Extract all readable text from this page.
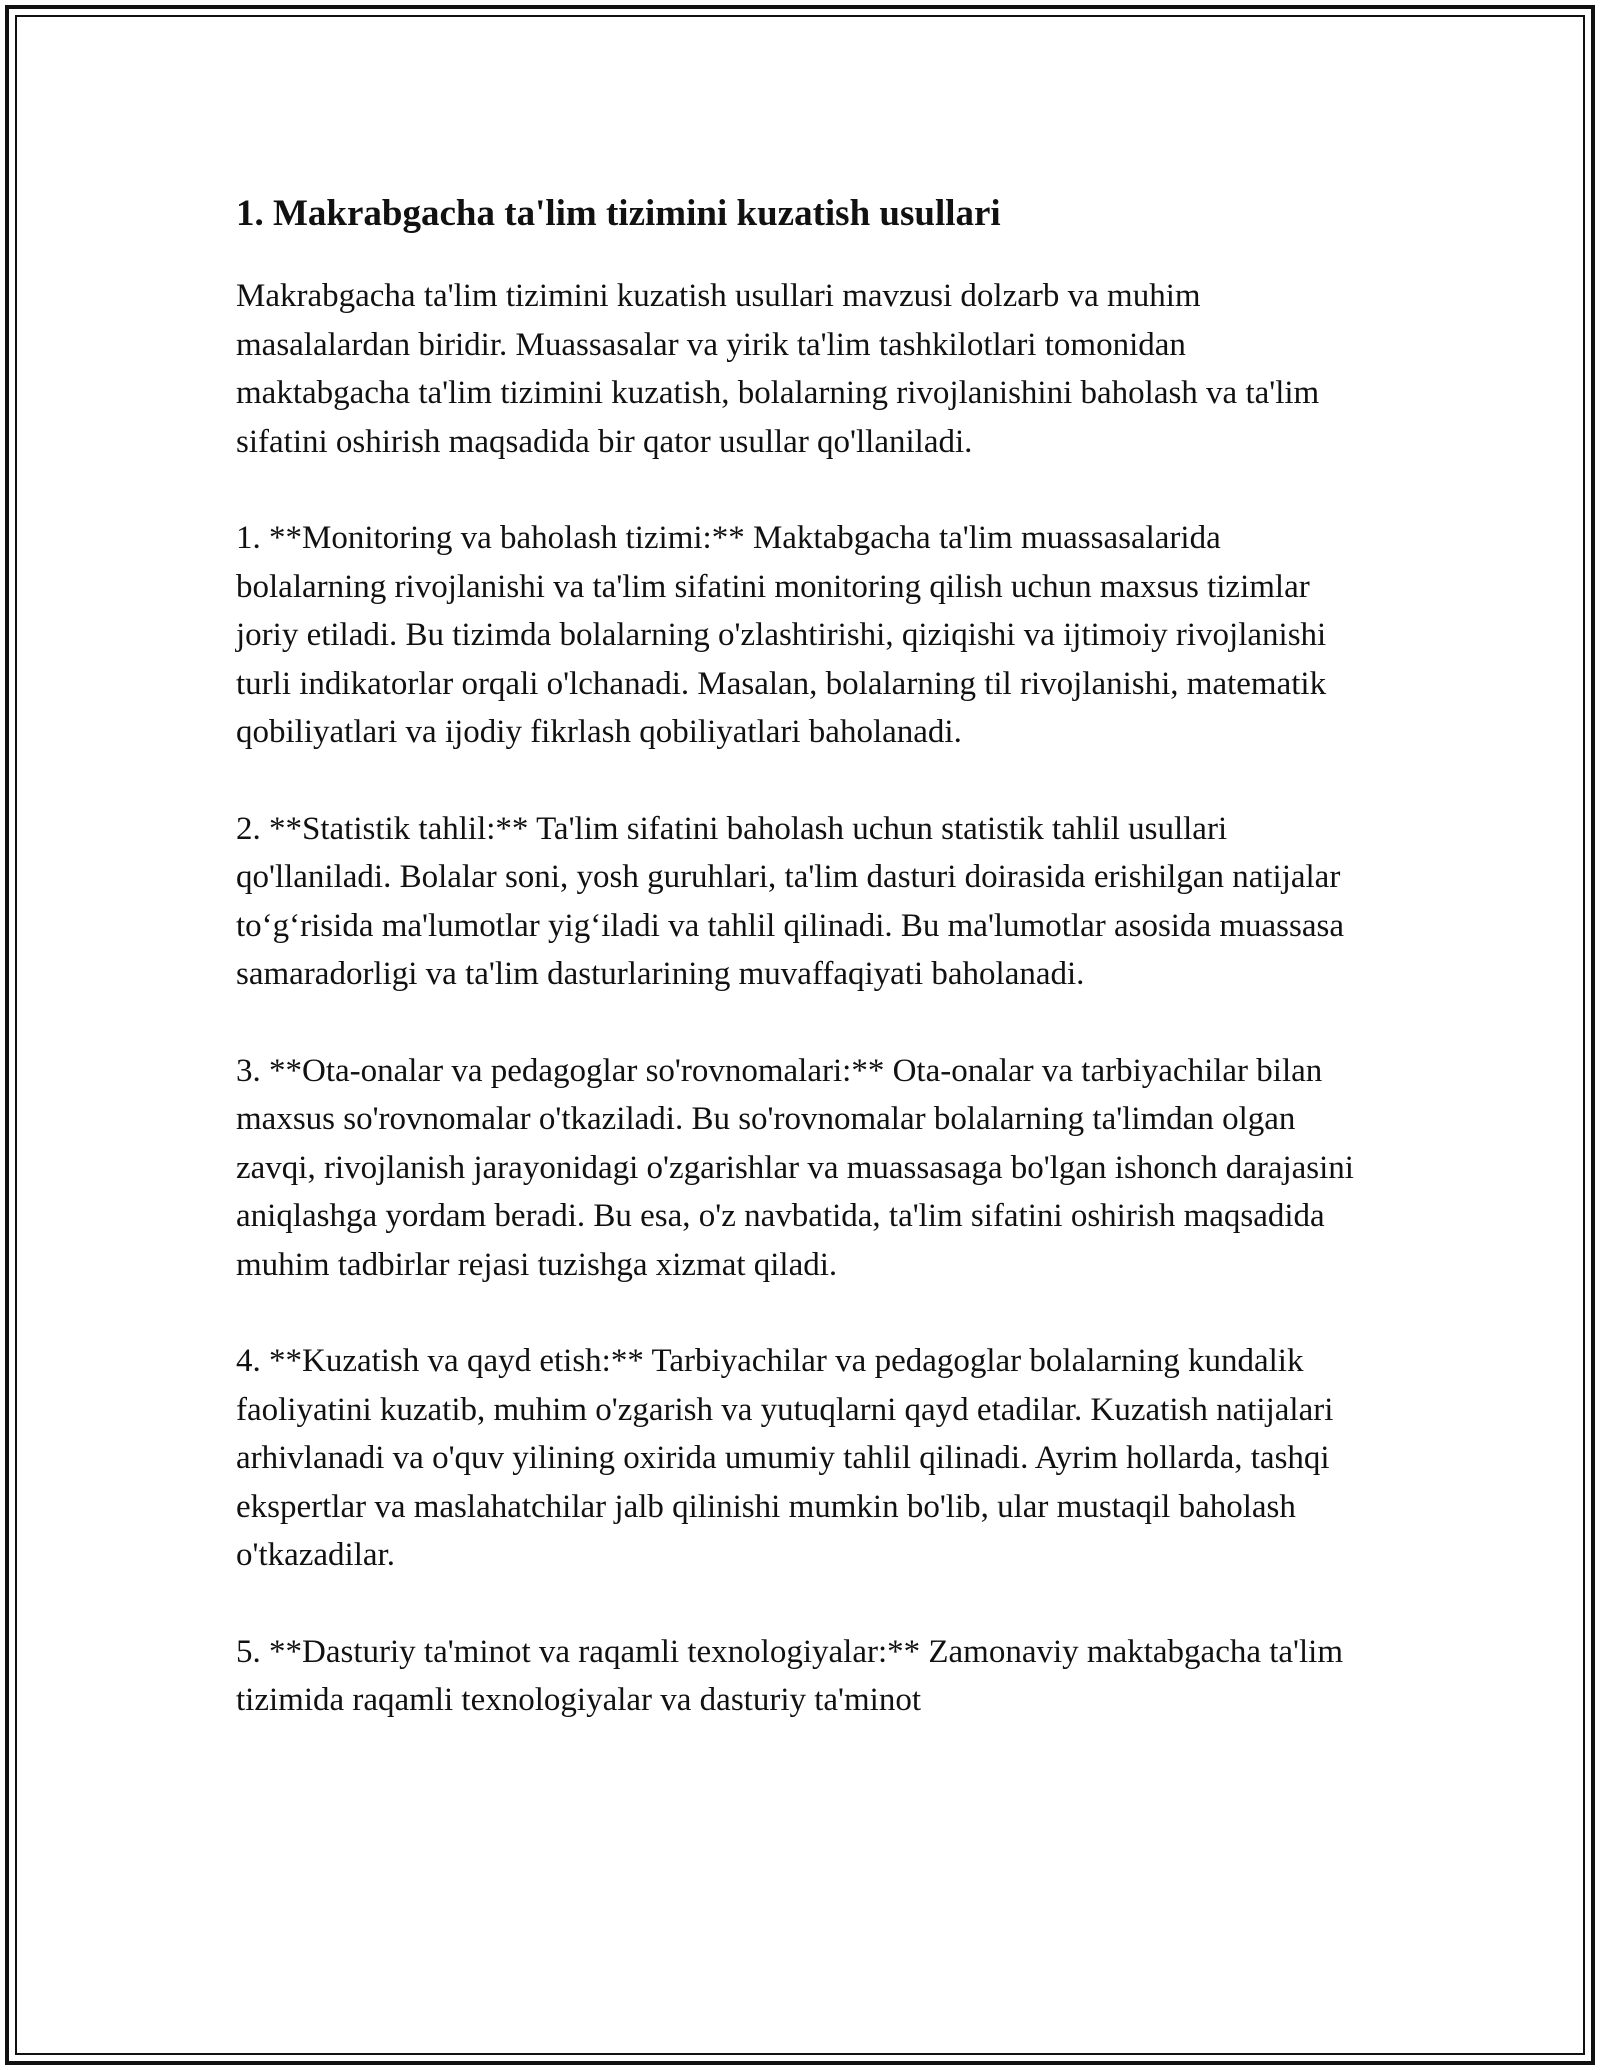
1. Makrabgacha ta'lim tizimini kuzatish usullari

Makrabgacha ta'lim tizimini kuzatish usullari mavzusi dolzarb va muhim masalalardan biridir. Muassasalar va yirik ta'lim tashkilotlari tomonidan maktabgacha ta'lim tizimini kuzatish, bolalarning rivojlanishini baholash va ta'lim sifatini oshirish maqsadida bir qator usullar qo'llaniladi.

1. **Monitoring va baholash tizimi:** Maktabgacha ta'lim muassasalarida bolalarning rivojlanishi va ta'lim sifatini monitoring qilish uchun maxsus tizimlar joriy etiladi. Bu tizimda bolalarning o'zlashtirishi, qiziqishi va ijtimoiy rivojlanishi turli indikatorlar orqali o'lchanadi. Masalan, bolalarning til rivojlanishi, matematik qobiliyatlari va ijodiy fikrlash qobiliyatlari baholanadi.

2. **Statistik tahlil:** Ta'lim sifatini baholash uchun statistik tahlil usullari qo'llaniladi. Bolalar soni, yosh guruhlari, ta'lim dasturi doirasida erishilgan natijalar to‘g‘risida ma'lumotlar yig‘iladi va tahlil qilinadi. Bu ma'lumotlar asosida muassasa samaradorligi va ta'lim dasturlarining muvaffaqiyati baholanadi.

3. **Ota-onalar va pedagoglar so'rovnomalari:** Ota-onalar va tarbiyachilar bilan maxsus so'rovnomalar o'tkaziladi. Bu so'rovnomalar bolalarning ta'limdan olgan zavqi, rivojlanish jarayonidagi o'zgarishlar va muassasaga bo'lgan ishonch darajasini aniqlashga yordam beradi. Bu esa, o'z navbatida, ta'lim sifatini oshirish maqsadida muhim tadbirlar rejasi tuzishga xizmat qiladi.

4. **Kuzatish va qayd etish:** Tarbiyachilar va pedagoglar bolalarning kundalik faoliyatini kuzatib, muhim o'zgarish va yutuqlarni qayd etadilar. Kuzatish natijalari arhivlanadi va o'quv yilining oxirida umumiy tahlil qilinadi. Ayrim hollarda, tashqi ekspertlar va maslahatchilar jalb qilinishi mumkin bo'lib, ular mustaqil baholash o'tkazadilar.

5. **Dasturiy ta'minot va raqamli texnologiyalar:** Zamonaviy maktabgacha ta'lim tizimida raqamli texnologiyalar va dasturiy ta'minot
